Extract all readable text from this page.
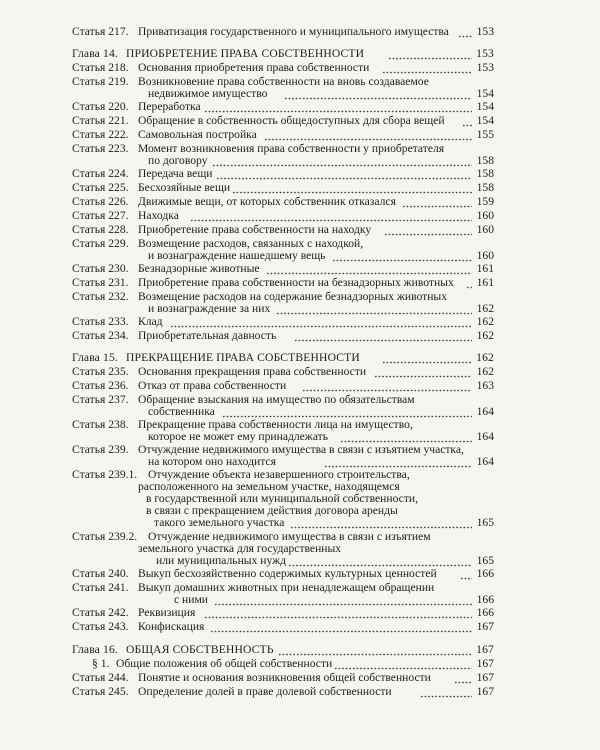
Статья 217. Приватизация государственного и муниципального имущества	153
Глава 14. ПРИОБРЕТЕНИЕ ПРАВА СОБСТВЕННОСТИ	153
Статья 218. Основания приобретения права собственности	153
Статья 219. Возникновение права собственности на вновь создаваемое
недвижимое имущество	154
Статья 220. Переработка	154
Статья 221. Обращение в собственность общедоступных для сбора вещей	154
Статья 222. Самовольная постройка	155
Статья 223. Момент возникновения права собственности у приобретателя
по договору	158
Статья 224. Передача вещи	158
Статья 225. Бесхозяйные вещи	158
Статья 226. Движимые вещи, от которых собственник отказался	159
Статья 227. Находка	160
Статья 228. Приобретение права собственности на находку	160
Статья 229. Возмещение расходов, связанных с находкой,
и вознаграждение нашедшему вещь	160
Статья 230. Безнадзорные животные	161
Статья 231. Приобретение права собственности на безнадзорных животных	161
Статья 232. Возмещение расходов на содержание безнадзорных животных
и вознаграждение за них	162
Статья 233. Клад	162
Статья 234. Приобретательная давность	162
Глава 15. ПРЕКРАЩЕНИЕ ПРАВА СОБСТВЕННОСТИ	162
Статья 235. Основания прекращения права собственности	162
Статья 236. Отказ от права собственности	163
Статья 237. Обращение взыскания на имущество по обязательствам
собственника	164
Статья 238. Прекращение права собственности лица на имущество,
которое не может ему принадлежать	164
Статья 239. Отчуждение недвижимого имущества в связи с изъятием участка,
на котором оно находится	164
Статья 239.1. Отчуждение объекта незавершенного строительства,
расположенного на земельном участке, находящемся
в государственной или муниципальной собственности,
в связи с прекращением действия договора аренды
такого земельного участка	165
Статья 239.2. Отчуждение недвижимого имущества в связи с изъятием
земельного участка для государственных
или муниципальных нужд	165
Статья 240. Выкуп бесхозяйственно содержимых культурных ценностей	166
Статья 241. Выкуп домашних животных при ненадлежащем обращении
с ними	166
Статья 242. Реквизиция	166
Статья 243. Конфискация	167
Глава 16. ОБЩАЯ СОБСТВЕННОСТЬ	167
§ 1. Общие положения об общей собственности	167
Статья 244. Понятие и основания возникновения общей собственности	167
Статья 245. Определение долей в праве долевой собственности	167
